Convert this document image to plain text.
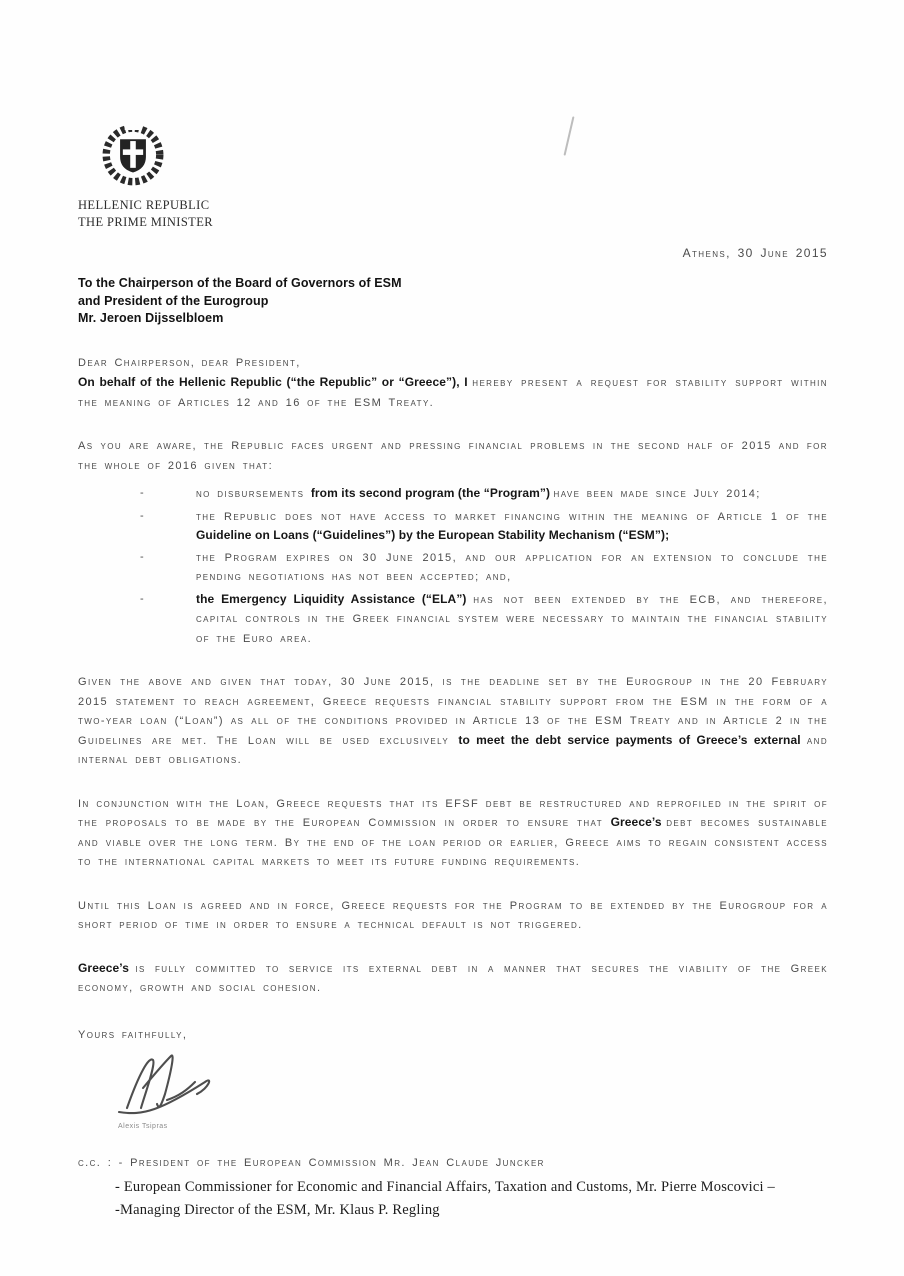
HELLENIC REPUBLIC
THE PRIME MINISTER
Athens, 30 June 2015
To the Chairperson of the Board of Governors of ESM
and President of the Eurogroup
Mr. Jeroen Dijsselbloem
Dear Chairperson, dear President,

On behalf of the Hellenic Republic (“the Republic” or “Greece”), I hereby present a request for stability support within the meaning of Articles 12 and 16 of the ESM Treaty.

As you are aware, the Republic faces urgent and pressing financial problems in the second half of 2015 and for the whole of 2016 given that:

-	no disbursements from its second program (the “Program”) have been made since July 2014;
-	the Republic does not have access to market financing within the meaning of Article 1 of the Guideline on Loans (“Guidelines”) by the European Stability Mechanism (“ESM”);
-	the Program expires on 30 June 2015, and our application for an extension to conclude the pending negotiations has not been accepted; and,
-	the Emergency Liquidity Assistance (“ELA”) has not been extended by the ECB, and therefore, capital controls in the Greek financial system were necessary to maintain the financial stability of the Euro area.

Given the above and given that today, 30 June 2015, is the deadline set by the Eurogroup in the 20 February 2015 statement to reach agreement, Greece requests financial stability support from the ESM in the form of a two-year loan (“Loan”) as all of the conditions provided in Article 13 of the ESM Treaty and in Article 2 in the Guidelines are met. The Loan will be used exclusively to meet the debt service payments of Greece’s external and internal debt obligations.

In conjunction with the Loan, Greece requests that its EFSF debt be restructured and reprofiled in the spirit of the proposals to be made by the European Commission in order to ensure that Greece’s debt becomes sustainable and viable over the long term. By the end of the loan period or earlier, Greece aims to regain consistent access to the international capital markets to meet its future funding requirements.

Until this Loan is agreed and in force, Greece requests for the Program to be extended by the Eurogroup for a short period of time in order to ensure a technical default is not triggered.

Greece’s is fully committed to service its external debt in a manner that secures the viability of the Greek economy, growth and social cohesion.

Yours faithfully,
Alexis Tsipras
c.c. : - President of the European Commission Mr. Jean Claude Juncker
- European Commissioner for Economic and Financial Affairs, Taxation and Customs, Mr. Pierre Moscovici –
-Managing Director of the ESM, Mr. Klaus P. Regling
